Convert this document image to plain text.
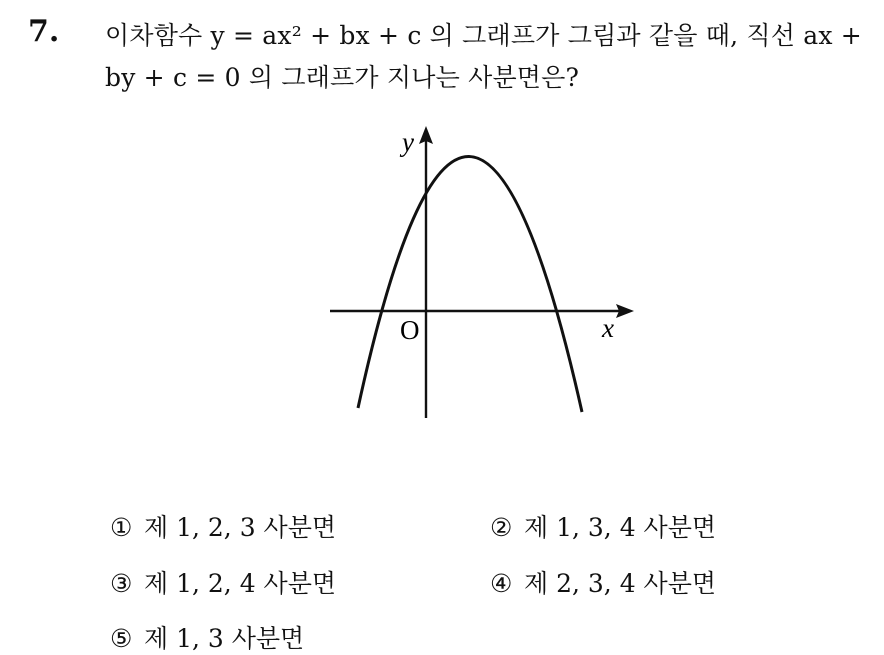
7. 이차함수 y = ax² + bx + c 의 그래프가 그림과 같을 때, 직선 ax +
by + c = 0 의 그래프가 지나는 사분면은?
y
x
O
① 제 1, 2, 3 사분면	② 제 1, 3, 4 사분면
③ 제 1, 2, 4 사분면	④ 제 2, 3, 4 사분면
⑤ 제 1, 3 사분면
